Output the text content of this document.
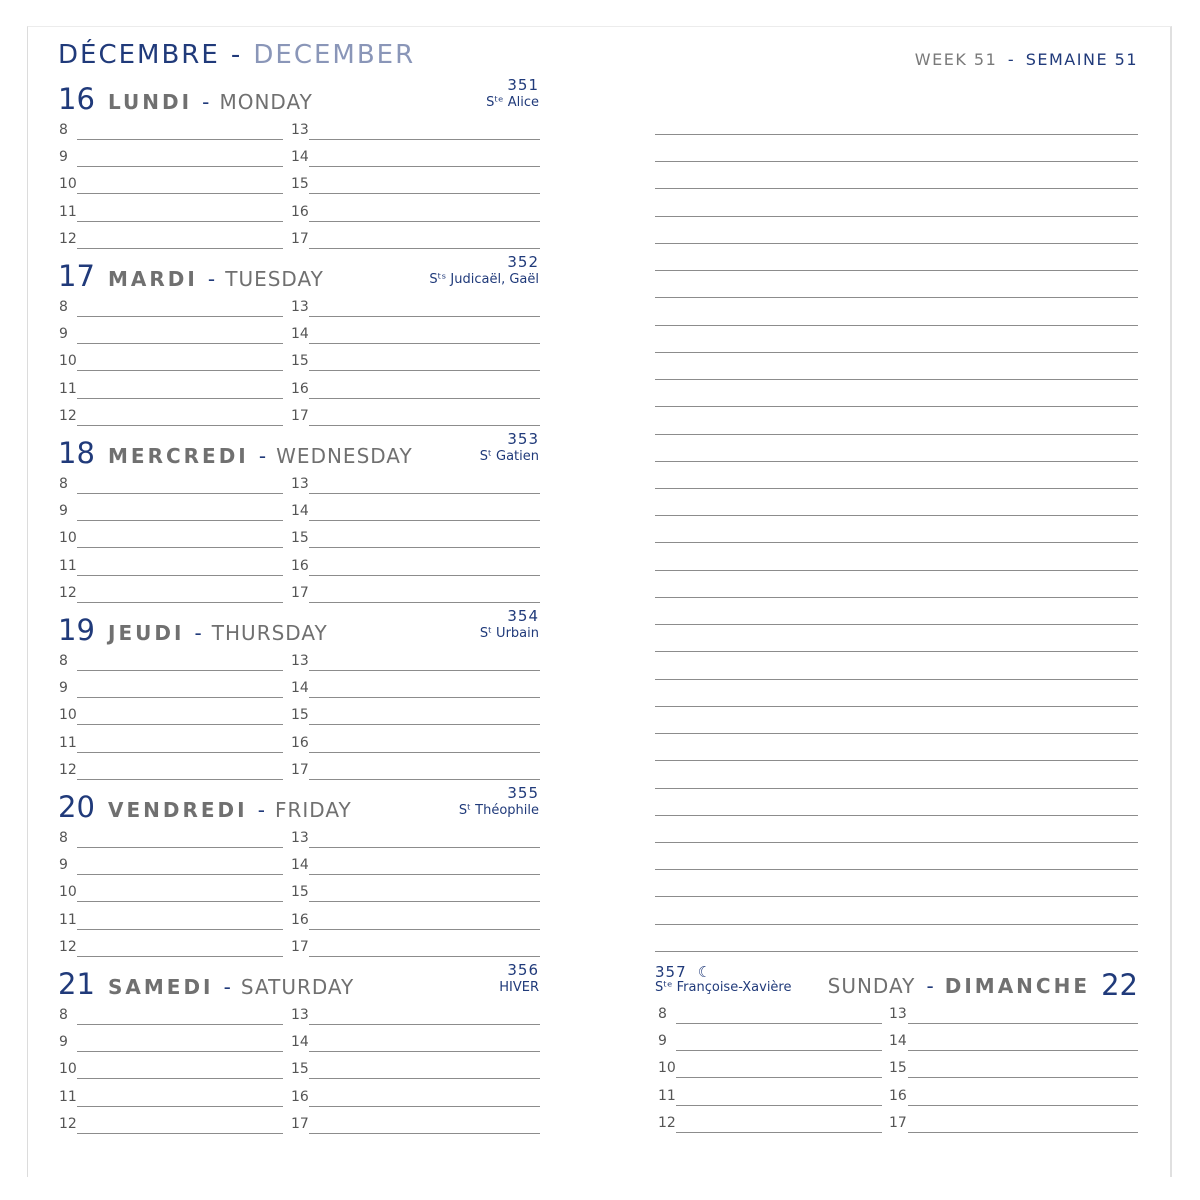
DÉCEMBRE - DECEMBER	WEEK 51 - SEMAINE 51
16 LUNDI - MONDAY
351
Sᵗᵉ Alice
8	13
9	14
10	15
11	16
12	17
17 MARDI - TUESDAY
352
Sᵗˢ Judicaël, Gaël
8	13
9	14
10	15
11	16
12	17
18 MERCREDI - WEDNESDAY
353
Sᵗ Gatien
8	13
9	14
10	15
11	16
12	17
19 JEUDI - THURSDAY
354
Sᵗ Urbain
8	13
9	14
10	15
11	16
12	17
20 VENDREDI - FRIDAY
355
Sᵗ Théophile
8	13
9	14
10	15
11	16
12	17
21 SAMEDI - SATURDAY
356
HIVER
8	13
9	14
10	15
11	16
12	17
357 ☾
Sᵗᵉ Françoise-Xavière SUNDAY - DIMANCHE 22
8	13
9	14
10	15
11	16
12	17
